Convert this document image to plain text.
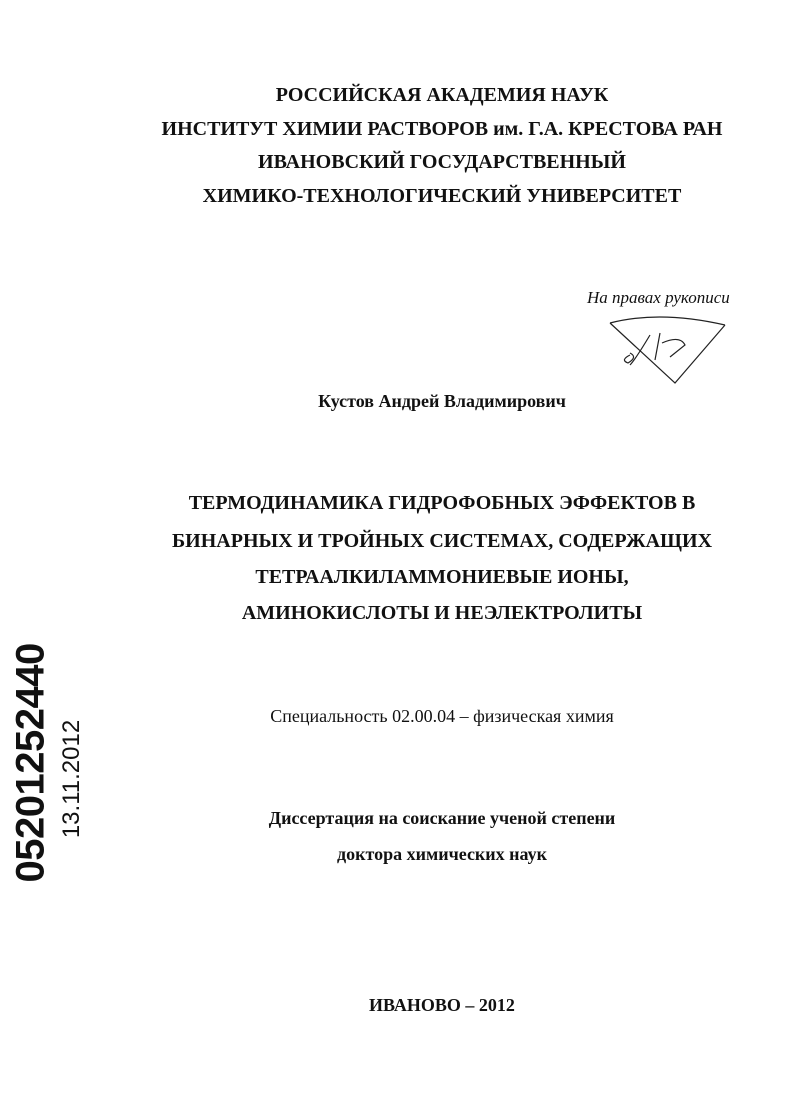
РОССИЙСКАЯ АКАДЕМИЯ НАУК
ИНСТИТУТ ХИМИИ РАСТВОРОВ им. Г.А. КРЕСТОВА РАН
ИВАНОВСКИЙ ГОСУДАРСТВЕННЫЙ
ХИМИКО-ТЕХНОЛОГИЧЕСКИЙ УНИВЕРСИТЕТ
На правах рукописи
Кустов Андрей Владимирович
ТЕРМОДИНАМИКА ГИДРОФОБНЫХ ЭФФЕКТОВ В
БИНАРНЫХ И ТРОЙНЫХ СИСТЕМАХ, СОДЕРЖАЩИХ
ТЕТРААЛКИЛАММОНИЕВЫЕ ИОНЫ,
АМИНОКИСЛОТЫ И НЕЭЛЕКТРОЛИТЫ
Специальность 02.00.04 – физическая химия
Диссертация на соискание ученой степени
доктора химических наук
ИВАНОВО – 2012
05201252440 13.11.2012
